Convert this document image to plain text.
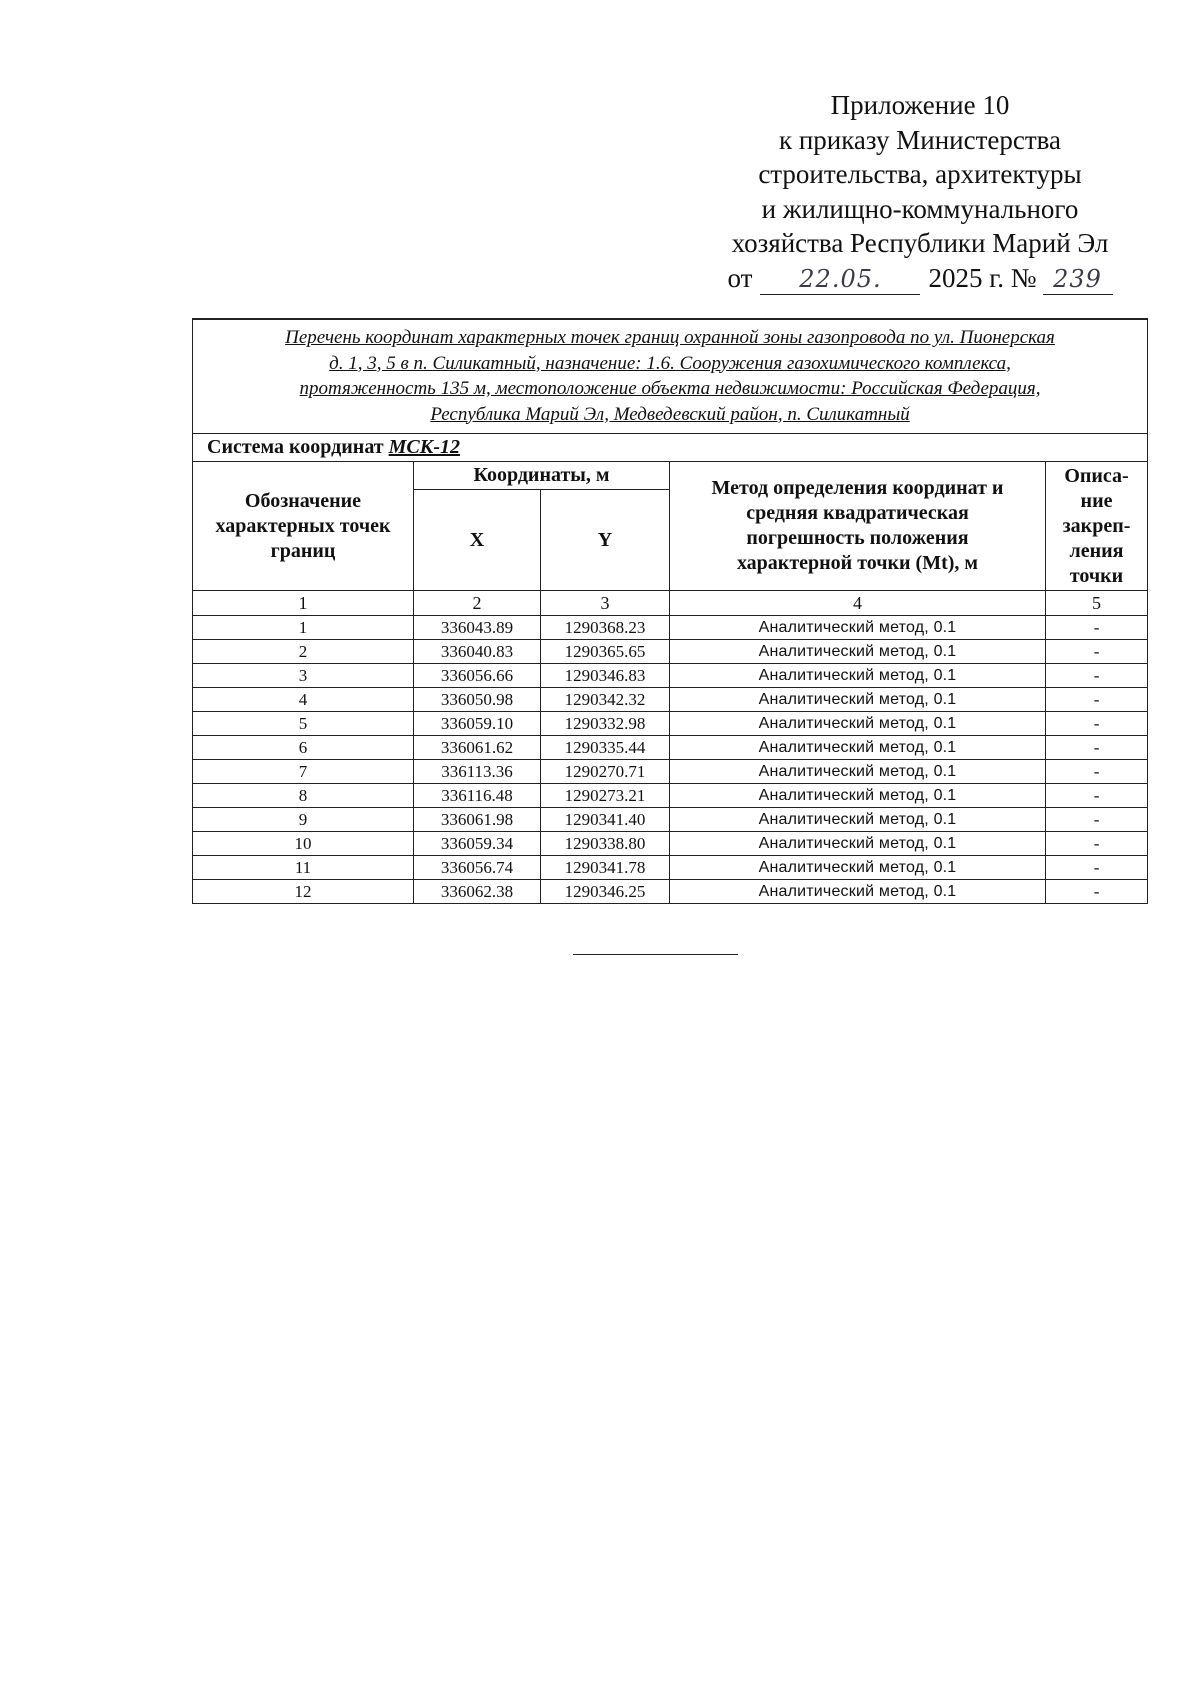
Приложение 10
к приказу Министерства
строительства, архитектуры
и жилищно-коммунального
хозяйства Республики Марий Эл
от 22.05. 2025 г. № 239
Перечень координат характерных точек границ охранной зоны газопровода по ул. Пионерская
д. 1, 3, 5 в п. Силикатный, назначение: 1.6. Сооружения газохимического комплекса,
протяженность 135 м, местоположение объекта недвижимости: Российская Федерация,
Республика Марий Эл, Медведевский район, п. Силикатный				
Система координат МСК-12				
Обозначение характерных точек границ	Координаты, м		Метод определения координат и средняя квадратическая погрешность положения характерной точки (Mt), м	Описа-ние закреп-ления точки
	X	Y		
1	2	3	4	5
1	336043.89	1290368.23	Аналитический метод, 0.1	-
2	336040.83	1290365.65	Аналитический метод, 0.1	-
3	336056.66	1290346.83	Аналитический метод, 0.1	-
4	336050.98	1290342.32	Аналитический метод, 0.1	-
5	336059.10	1290332.98	Аналитический метод, 0.1	-
6	336061.62	1290335.44	Аналитический метод, 0.1	-
7	336113.36	1290270.71	Аналитический метод, 0.1	-
8	336116.48	1290273.21	Аналитический метод, 0.1	-
9	336061.98	1290341.40	Аналитический метод, 0.1	-
10	336059.34	1290338.80	Аналитический метод, 0.1	-
11	336056.74	1290341.78	Аналитический метод, 0.1	-
12	336062.38	1290346.25	Аналитический метод, 0.1	-
